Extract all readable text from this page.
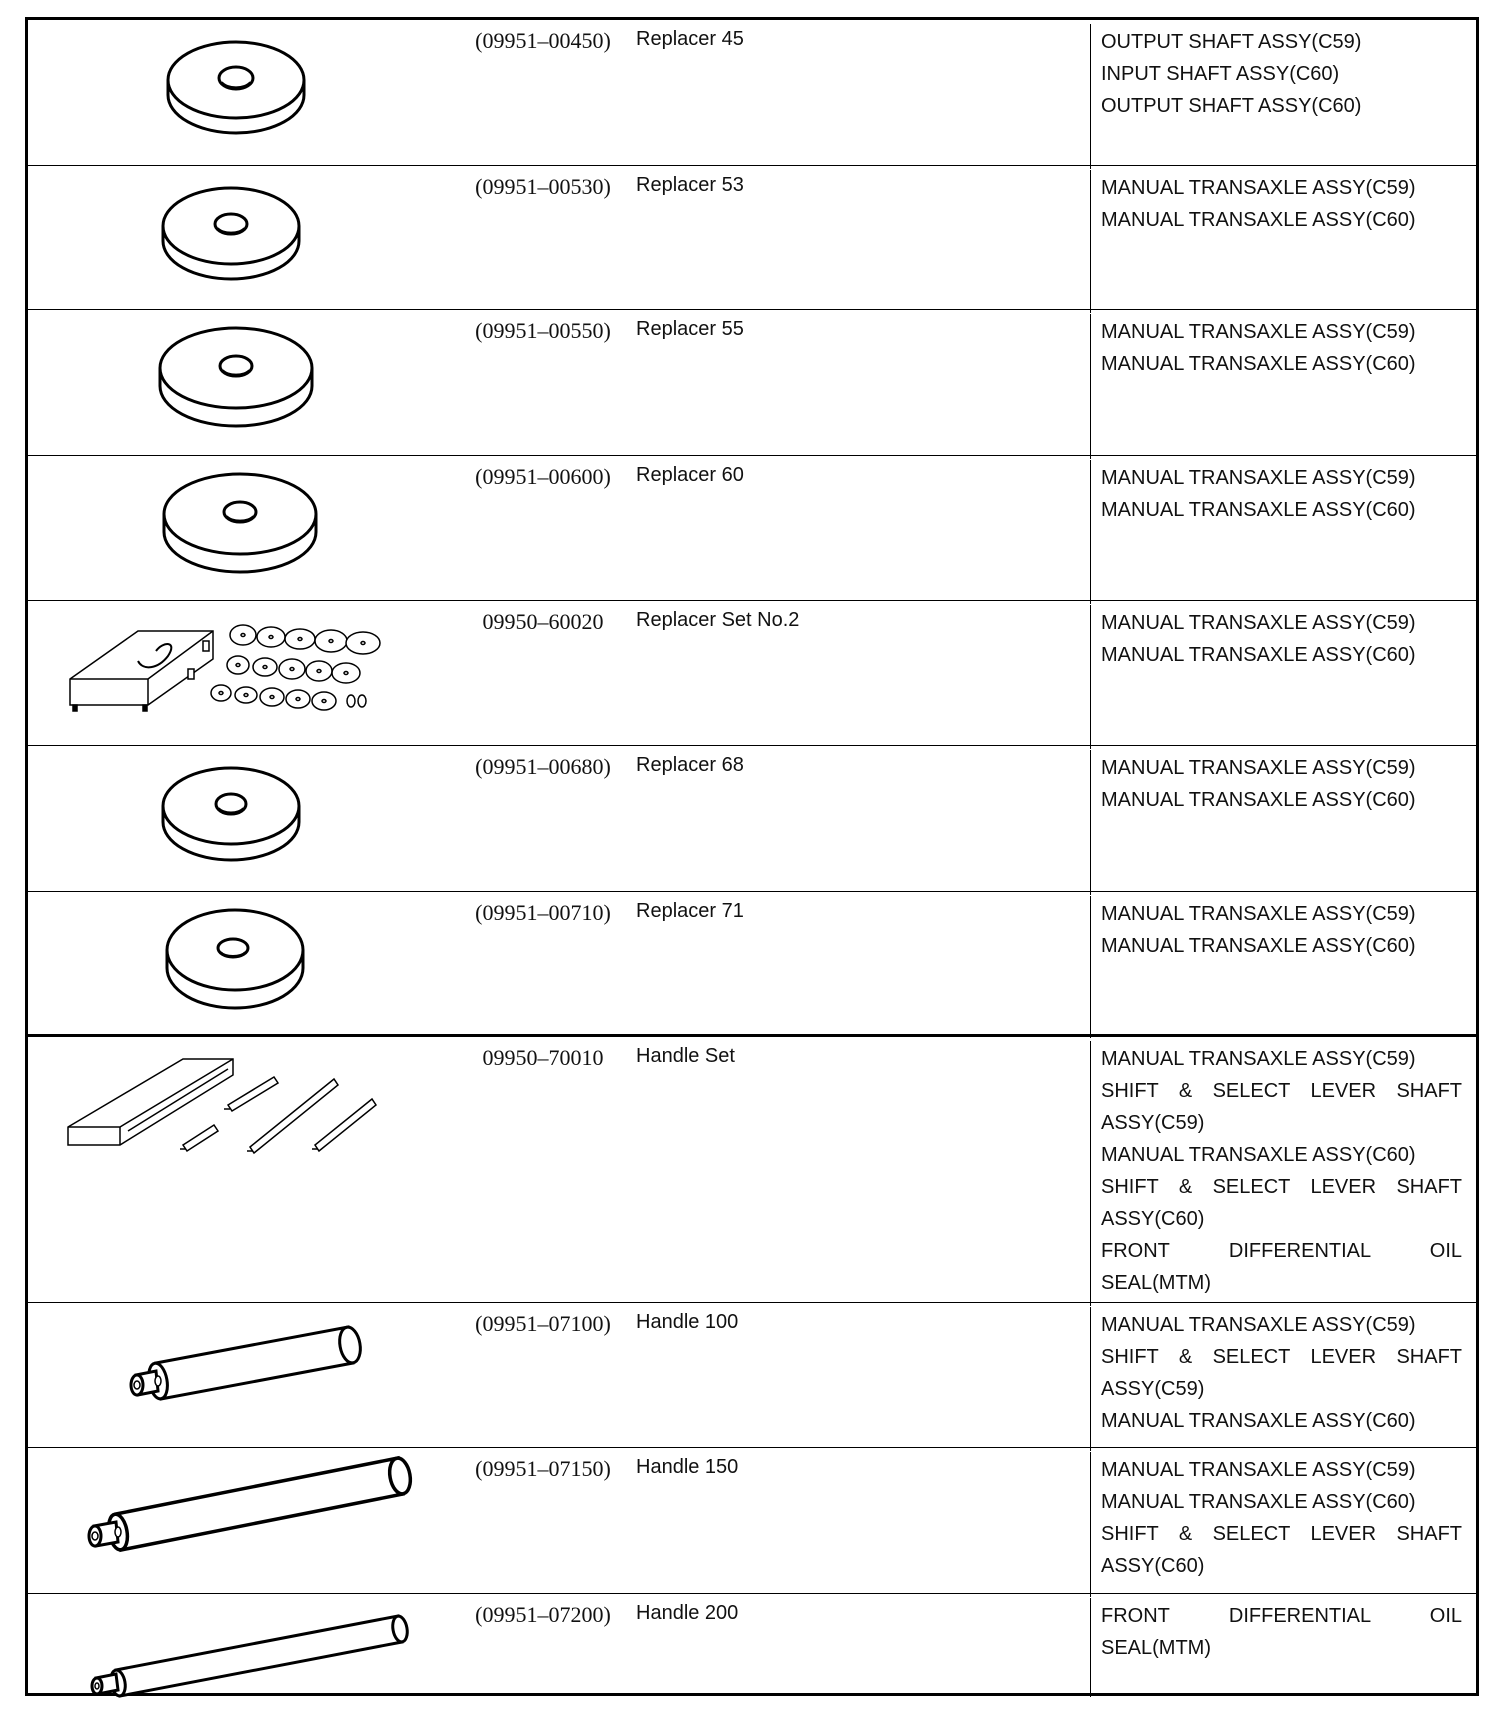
(09951–00450)	Replacer 45	OUTPUT SHAFT ASSY(C59)
INPUT SHAFT ASSY(C60)
OUTPUT SHAFT ASSY(C60)
(09951–00530)	Replacer 53	MANUAL TRANSAXLE ASSY(C59)
MANUAL TRANSAXLE ASSY(C60)
(09951–00550)	Replacer 55	MANUAL TRANSAXLE ASSY(C59)
MANUAL TRANSAXLE ASSY(C60)
(09951–00600)	Replacer 60	MANUAL TRANSAXLE ASSY(C59)
MANUAL TRANSAXLE ASSY(C60)
09950–60020	Replacer Set No.2	MANUAL TRANSAXLE ASSY(C59)
MANUAL TRANSAXLE ASSY(C60)
(09951–00680)	Replacer 68	MANUAL TRANSAXLE ASSY(C59)
MANUAL TRANSAXLE ASSY(C60)
(09951–00710)	Replacer 71	MANUAL TRANSAXLE ASSY(C59)
MANUAL TRANSAXLE ASSY(C60)
09950–70010	Handle Set	MANUAL TRANSAXLE ASSY(C59)
SHIFT & SELECT LEVER SHAFT
ASSY(C59)
MANUAL TRANSAXLE ASSY(C60)
SHIFT & SELECT LEVER SHAFT
ASSY(C60)
FRONT DIFFERENTIAL OIL
SEAL(MTM)
(09951–07100)	Handle 100	MANUAL TRANSAXLE ASSY(C59)
SHIFT & SELECT LEVER SHAFT
ASSY(C59)
MANUAL TRANSAXLE ASSY(C60)
(09951–07150)	Handle 150	MANUAL TRANSAXLE ASSY(C59)
MANUAL TRANSAXLE ASSY(C60)
SHIFT & SELECT LEVER SHAFT
ASSY(C60)
(09951–07200)	Handle 200	FRONT DIFFERENTIAL OIL
SEAL(MTM)
